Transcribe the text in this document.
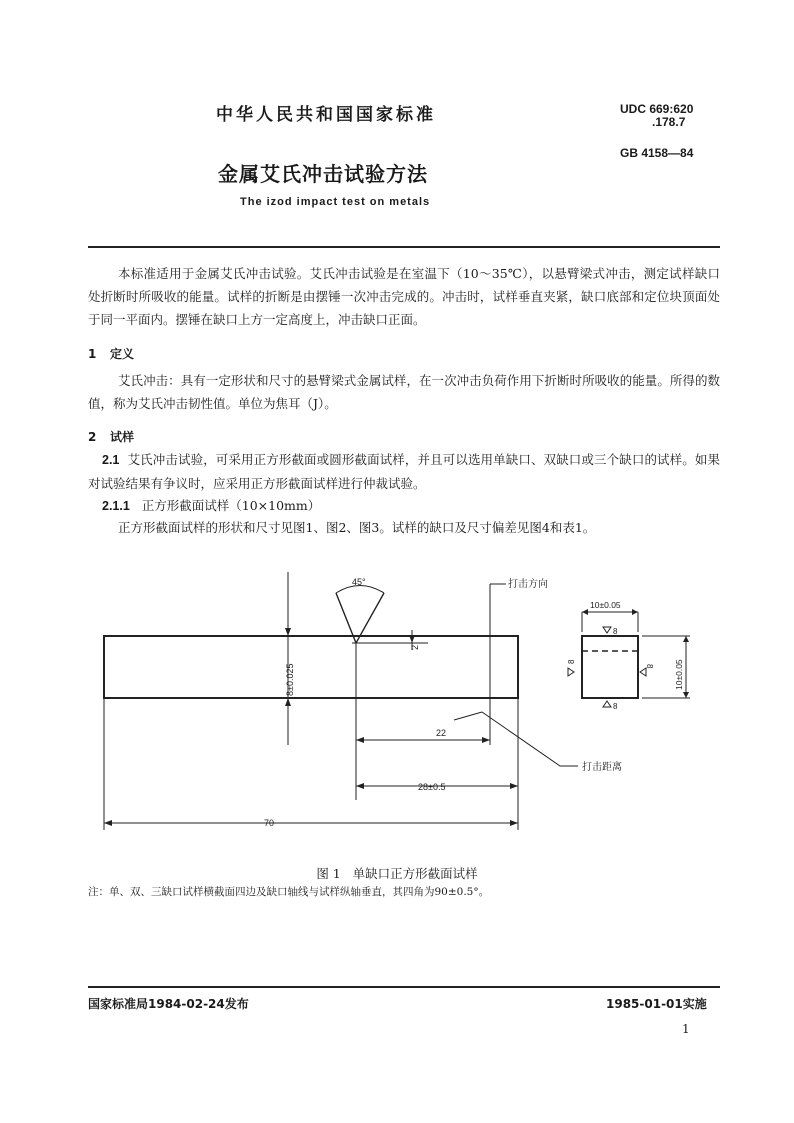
中华人民共和国国家标准	UDC 669:620
.178.7
GB 4158—84
金属艾氏冲击试验方法
The izod impact test on metals
本标准适用于金属艾氏冲击试验。艾氏冲击试验是在室温下（10～35℃），以悬臂梁式冲击，测定试样缺口处折断时所吸收的能量。试样的折断是由摆锤一次冲击完成的。冲击时，试样垂直夹紧，缺口底部和定位块顶面处于同一平面内。摆锤在缺口上方一定高度上，冲击缺口正面。
1 定义
艾氏冲击：具有一定形状和尺寸的悬臂梁式金属试样，在一次冲击负荷作用下折断时所吸收的能量。所得的数值，称为艾氏冲击韧性值。单位为焦耳（J）。
2 试样
2.1 艾氏冲击试验，可采用正方形截面或圆形截面试样，并且可以选用单缺口、双缺口或三个缺口的试样。如果对试验结果有争议时，应采用正方形截面试样进行仲裁试验。
2.1.1 正方形截面试样（10×10mm）
正方形截面试样的形状和尺寸见图1、图2、图3。试样的缺口及尺寸偏差见图4和表1。
45°	打击方向
打击距离
8±0.025
2
22
28±0.5
70
10±0.05
10±0.05
8
8
8
8
图 1 单缺口正方形截面试样
注：单、双、三缺口试样横截面四边及缺口轴线与试样纵轴垂直，其四角为90±0.5°。
国家标准局1984-02-24发布	1985-01-01实施
1
